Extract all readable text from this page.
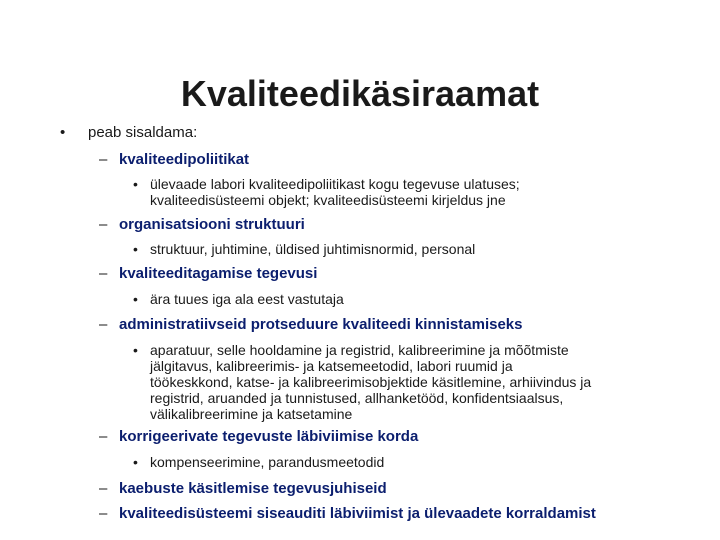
Kvaliteedikäsiraamat
• peab sisaldama:
– kvaliteedipoliitikat
• ülevaade labori kvaliteedipoliitikast kogu tegevuse ulatuses;
kvaliteedisüsteemi objekt; kvaliteedisüsteemi kirjeldus jne
– organisatsiooni struktuuri
• struktuur, juhtimine, üldised juhtimisnormid, personal
– kvaliteeditagamise tegevusi
• ära tuues iga ala eest vastutaja
– administratiivseid protseduure kvaliteedi kinnistamiseks
• aparatuur, selle hooldamine ja registrid, kalibreerimine ja mõõtmiste
jälgitavus, kalibreerimis- ja katsemeetodid, labori ruumid ja
töökeskkond, katse- ja kalibreerimisobjektide käsitlemine, arhiivindus ja
registrid, aruanded ja tunnistused, allhanketööd, konfidentsiaalsus,
välikalibreerimine ja katsetamine
– korrigeerivate tegevuste läbiviimise korda
• kompenseerimine, parandusmeetodid
– kaebuste käsitlemise tegevusjuhiseid
– kvaliteedisüsteemi siseauditi läbiviimist ja ülevaadete korraldamist
